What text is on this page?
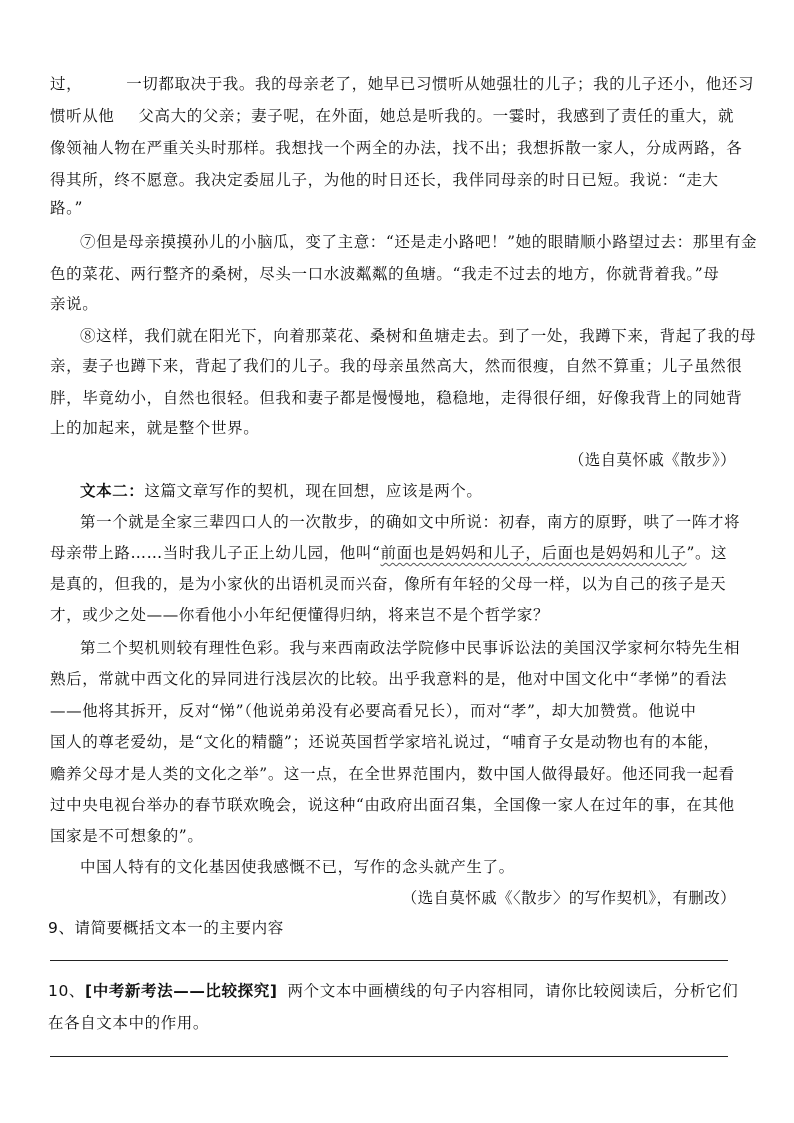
过，	一切都取决于我。我的母亲老了，她早已习惯听从她强壮的儿子；我的儿子还小，他还习
惯听从他 父高大的父亲；妻子呢，在外面，她总是听我的。一霎时，我感到了责任的重大，就
像领袖人物在严重关头时那样。我想找一个两全的办法，找不出；我想拆散一家人，分成两路，各
得其所，终不愿意。我决定委屈儿子，为他的时日还长，我伴同母亲的时日已短。我说：“走大
路。”
⑦但是母亲摸摸孙儿的小脑瓜，变了主意：“还是走小路吧！”她的眼睛顺小路望过去：那里有金
色的菜花、两行整齐的桑树，尽头一口水波粼粼的鱼塘。“我走不过去的地方，你就背着我。”母
亲说。
⑧这样，我们就在阳光下，向着那菜花、桑树和鱼塘走去。到了一处，我蹲下来，背起了我的母
亲，妻子也蹲下来，背起了我们的儿子。我的母亲虽然高大，然而很瘦，自然不算重；儿子虽然很
胖，毕竟幼小，自然也很轻。但我和妻子都是慢慢地，稳稳地，走得很仔细，好像我背上的同她背
上的加起来，就是整个世界。
（选自莫怀戚《散步》）
文本二：这篇文章写作的契机，现在回想，应该是两个。
第一个就是全家三辈四口人的一次散步，的确如文中所说：初春，南方的原野，哄了一阵才将
母亲带上路……当时我儿子正上幼儿园，他叫“前面也是妈妈和儿子，后面也是妈妈和儿子”。这
是真的，但我的，是为小家伙的出语机灵而兴奋，像所有年轻的父母一样，以为自己的孩子是天
才，或少之处——你看他小小年纪便懂得归纳，将来岂不是个哲学家？
第二个契机则较有理性色彩。我与来西南政法学院修中民事诉讼法的美国汉学家柯尔特先生相
熟后，常就中西文化的异同进行浅层次的比较。出乎我意料的是，他对中国文化中“孝悌”的看法
——他将其拆开，反对“悌”（他说弟弟没有必要高看兄长），而对“孝”，却大加赞赏。他说中
国人的尊老爱幼，是“文化的精髓”；还说英国哲学家培礼说过，“哺育子女是动物也有的本能，
赡养父母才是人类的文化之举”。这一点，在全世界范围内，数中国人做得最好。他还同我一起看
过中央电视台举办的春节联欢晚会，说这种“由政府出面召集，全国像一家人在过年的事，在其他
国家是不可想象的”。
中国人特有的文化基因使我感慨不已，写作的念头就产生了。
（选自莫怀戚《〈散步〉的写作契机》，有删改）
9、请简要概括文本一的主要内容
10、[中考新考法——比较探究] 两个文本中画横线的句子内容相同，请你比较阅读后，分析它们
在各自文本中的作用。
